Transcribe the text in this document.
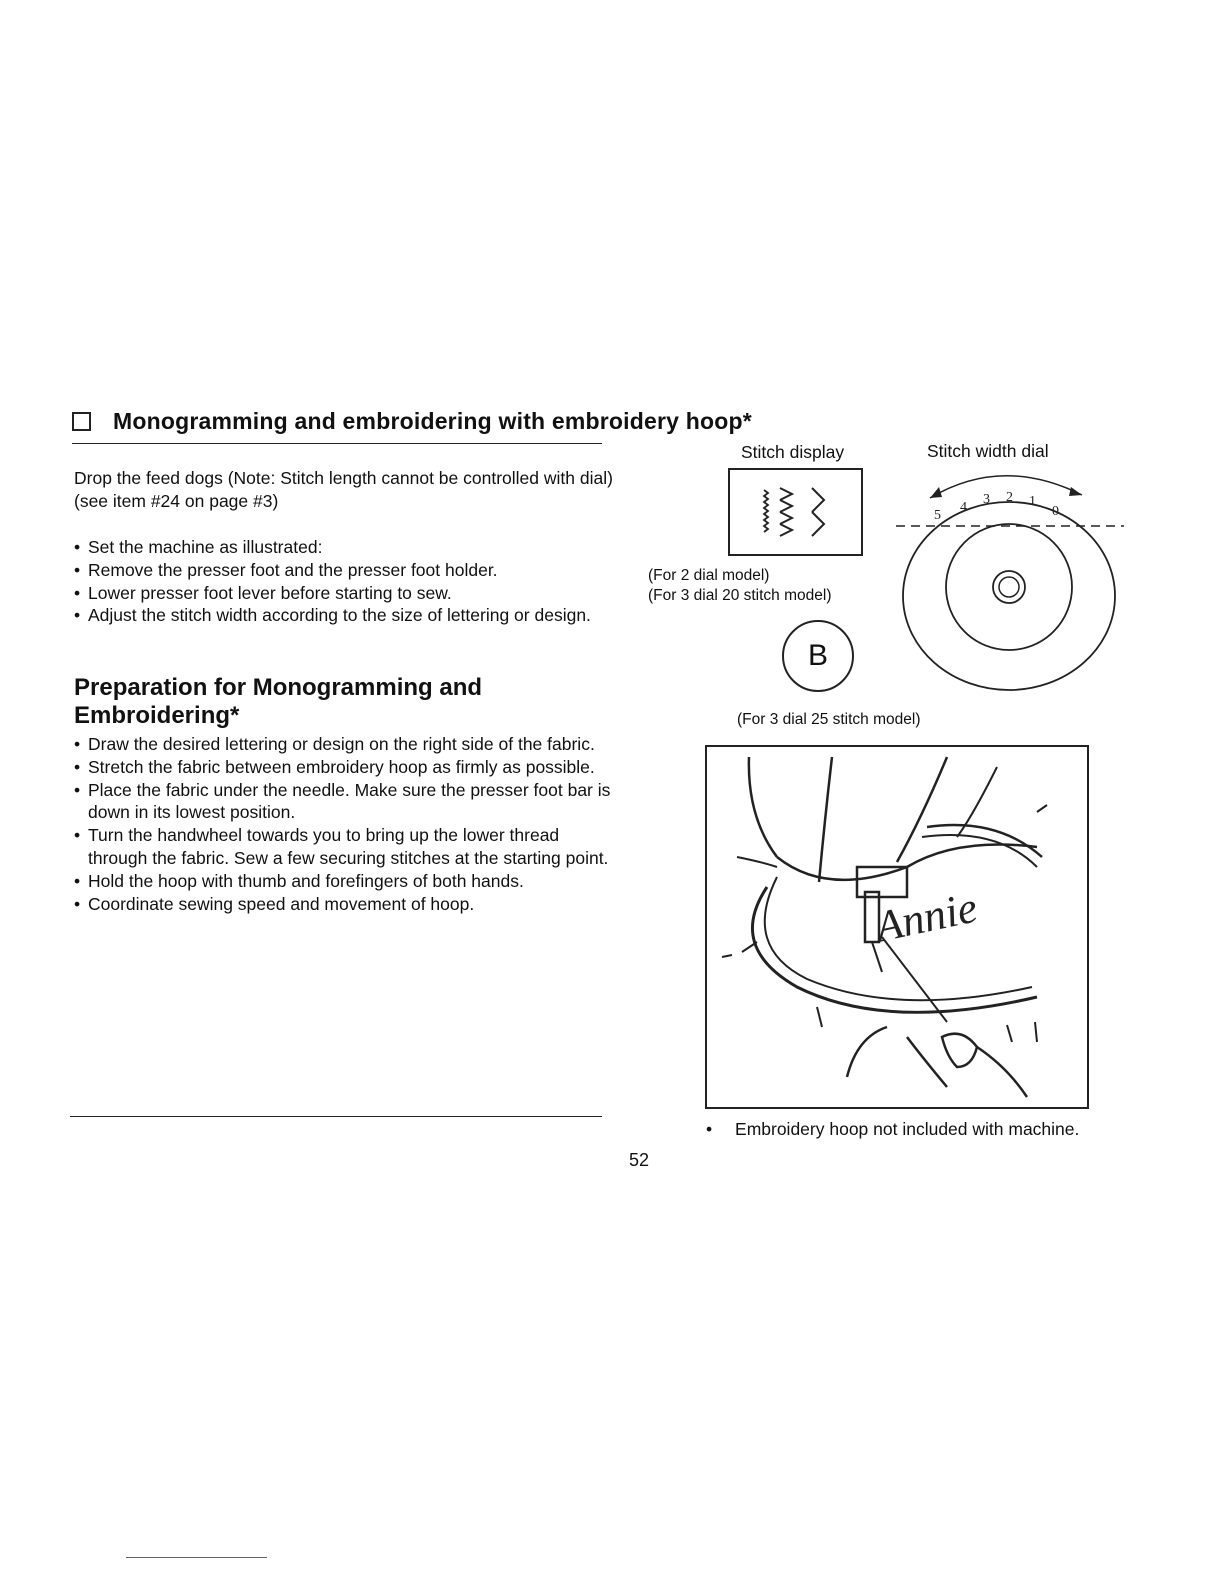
Monogramming and embroidering with embroidery hoop*
Drop the feed dogs (Note: Stitch length cannot be controlled with dial)
(see item #24 on page #3)
• Set the machine as illustrated:
• Remove the presser foot and the presser foot holder.
• Lower presser foot lever before starting to sew.
• Adjust the stitch width according to the size of lettering or design.
Preparation for Monogramming and Embroidering*
• Draw the desired lettering or design on the right side of the fabric.
• Stretch the fabric between embroidery hoop as firmly as possible.
• Place the fabric under the needle. Make sure the presser foot bar is down in its lowest position.
• Turn the handwheel towards you to bring up the lower thread through the fabric. Sew a few securing stitches at the starting point.
• Hold the hoop with thumb and forefingers of both hands.
• Coordinate sewing speed and movement of hoop.
Stitch display
(For 2 dial model)
(For 3 dial 20 stitch model)
B
(For 3 dial 25 stitch model)
Stitch width dial
5
4
3 2 1
0
Annie
• Embroidery hoop not included with machine.
52
